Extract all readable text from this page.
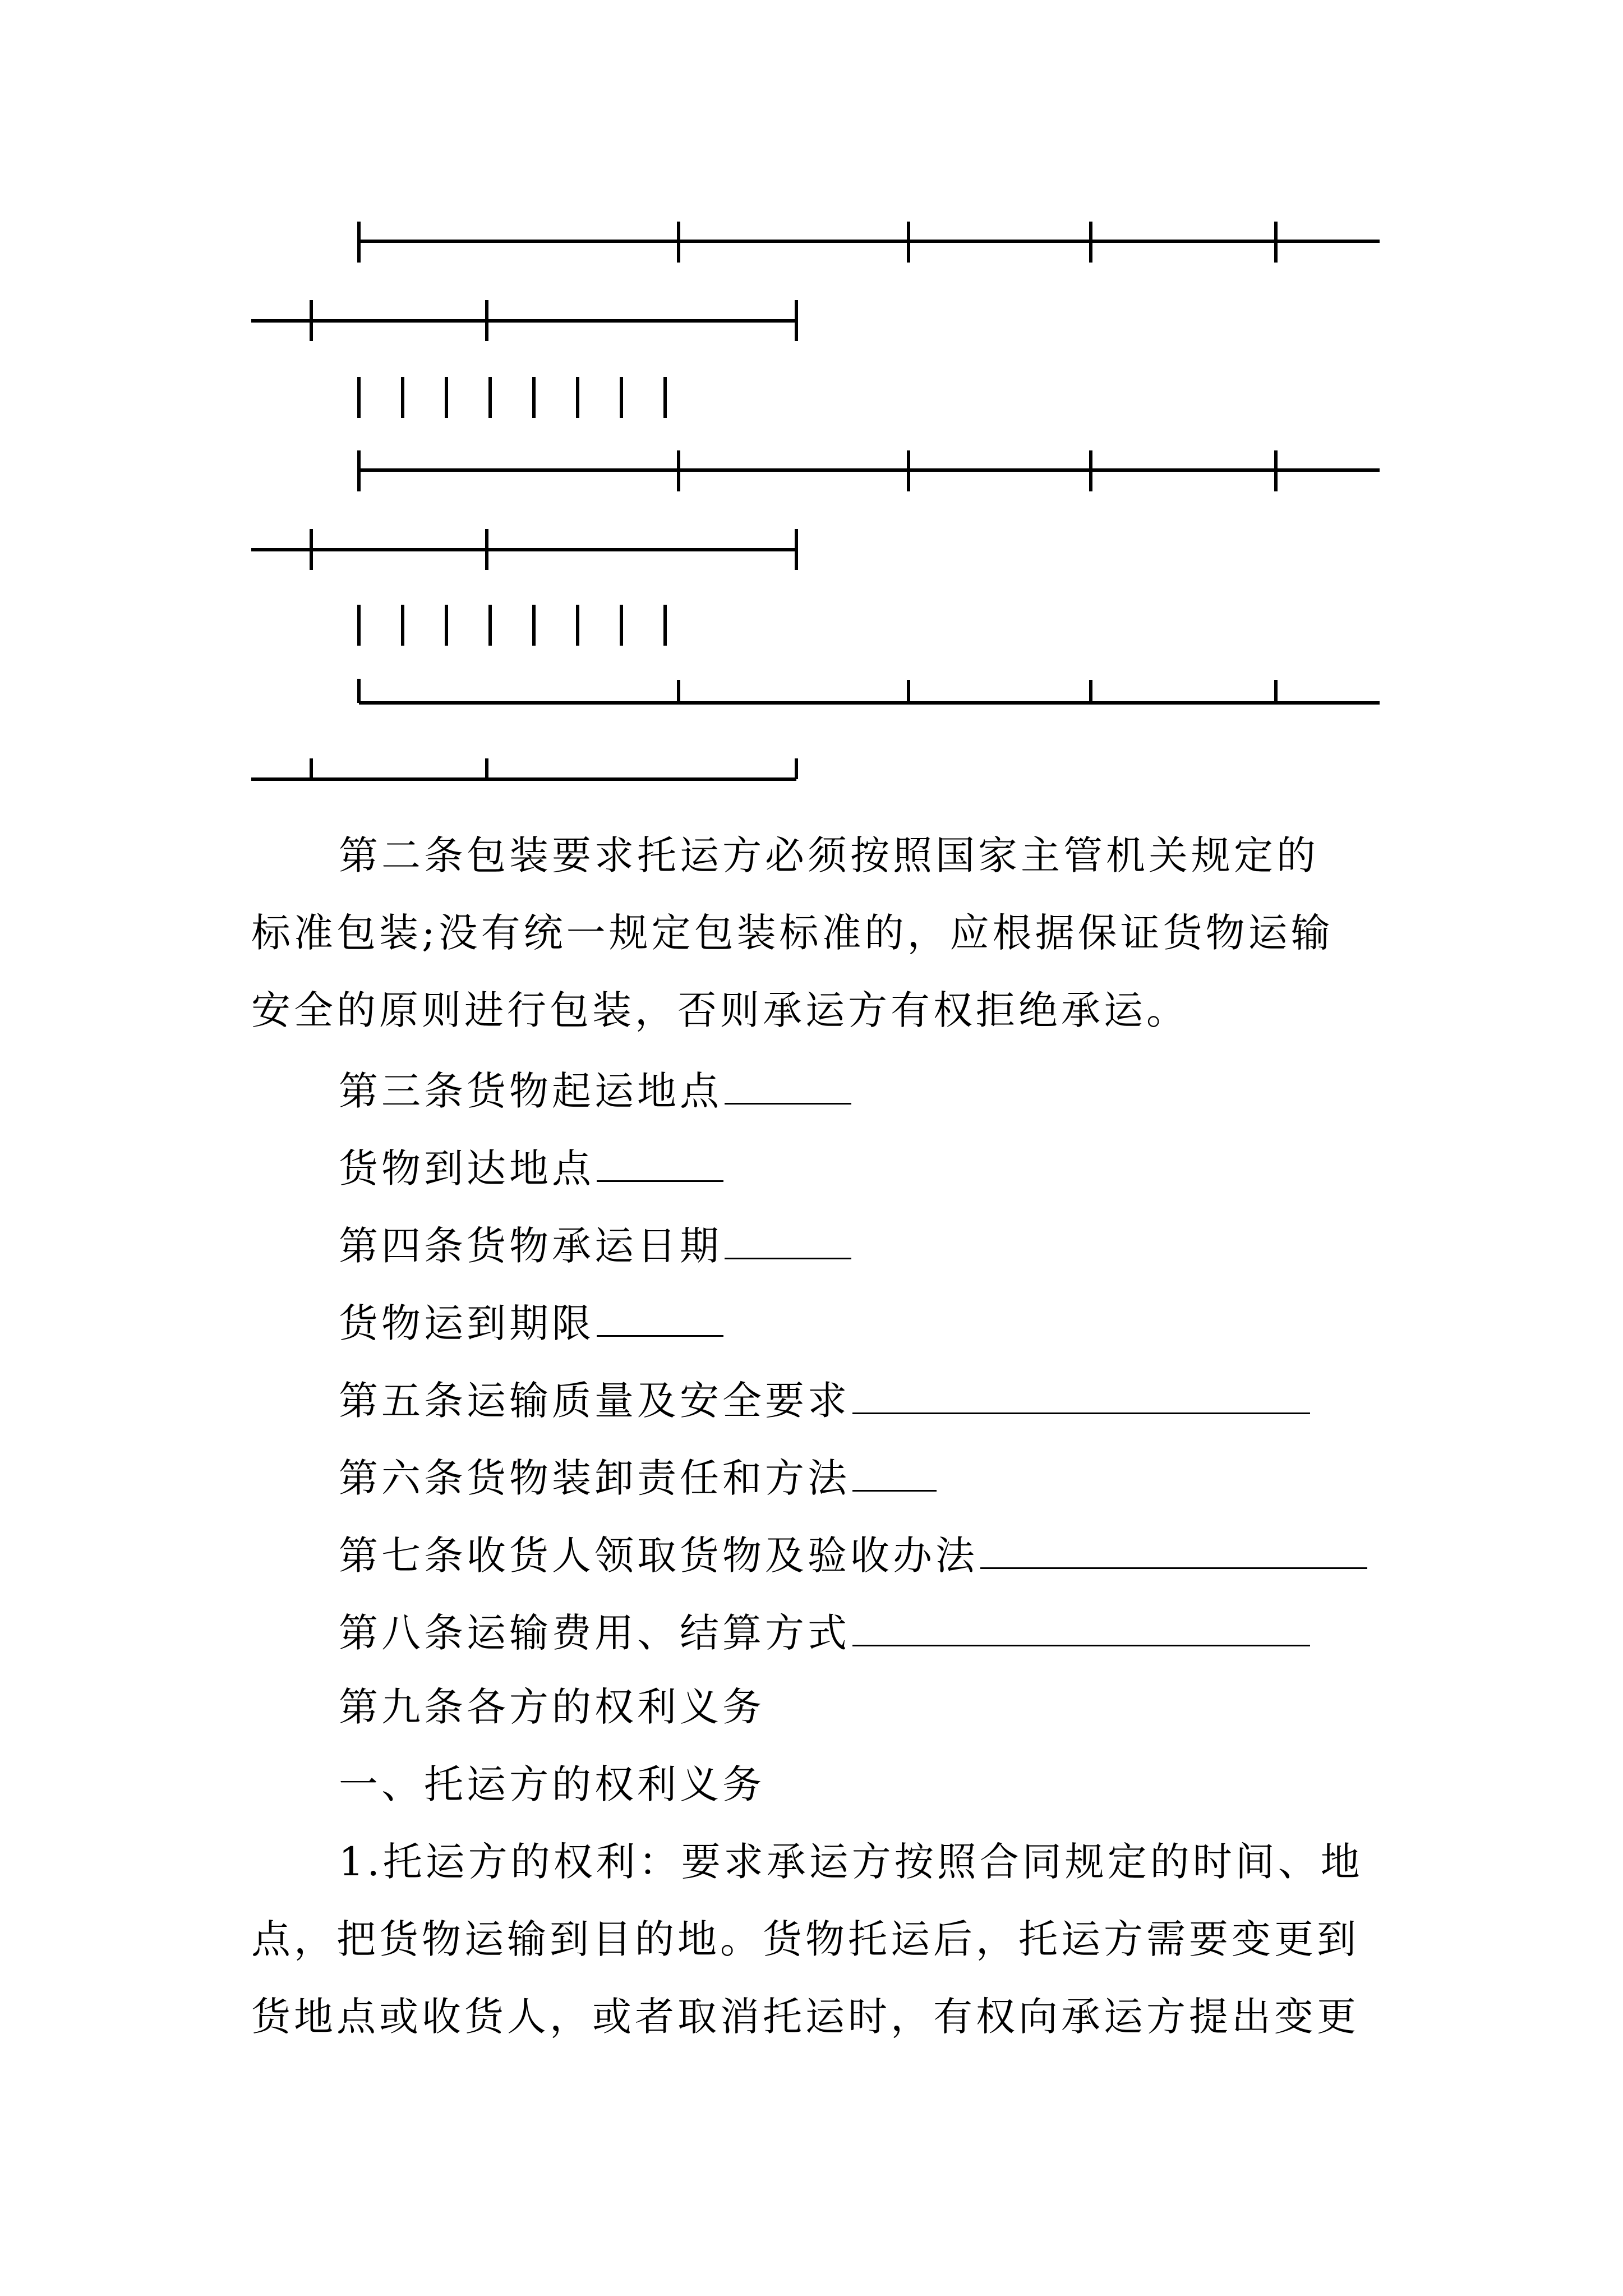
第二条包装要求托运方必须按照国家主管机关规定的
标准包装;没有统一规定包装标准的，应根据保证货物运输
安全的原则进行包装，否则承运方有权拒绝承运。
第三条货物起运地点
货物到达地点
第四条货物承运日期
货物运到期限
第五条运输质量及安全要求
第六条货物装卸责任和方法
第七条收货人领取货物及验收办法
第八条运输费用、结算方式
第九条各方的权利义务
一、托运方的权利义务
1.托运方的权利：要求承运方按照合同规定的时间、地
点，把货物运输到目的地。货物托运后，托运方需要变更到
货地点或收货人，或者取消托运时，有权向承运方提出变更
